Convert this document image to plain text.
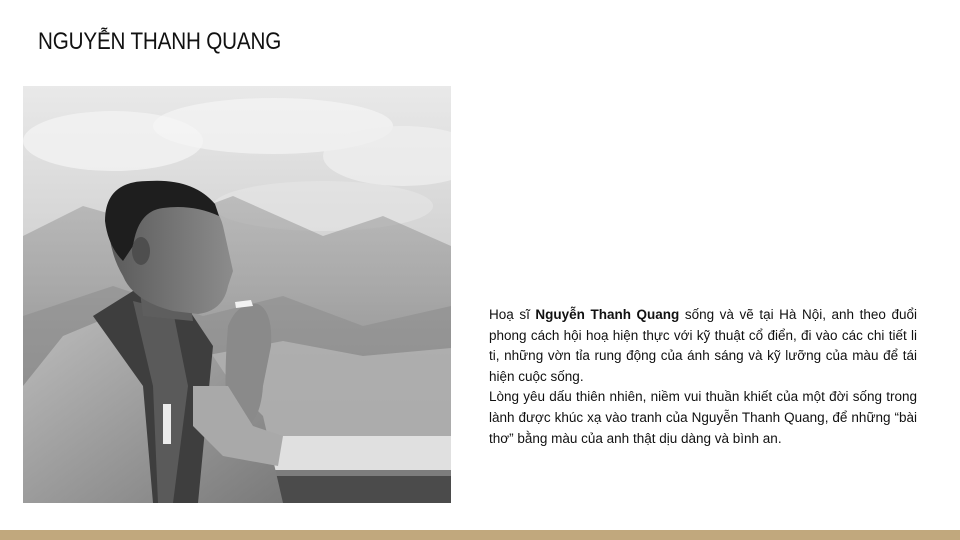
NGUYỄN THANH QUANG

Hoạ sĩ Nguyễn Thanh Quang sống và vẽ tại Hà Nội, anh theo đuổi phong cách hội hoạ hiện thực với kỹ thuật cổ điển, đi vào các chi tiết li ti, những vờn tỉa rung động của ánh sáng và kỹ lưỡng của màu để tái hiện cuộc sống.

Lòng yêu dấu thiên nhiên, niềm vui thuần khiết của một đời sống trong lành được khúc xạ vào tranh của Nguyễn Thanh Quang, để những “bài thơ” bằng màu của anh thật dịu dàng và bình an.
